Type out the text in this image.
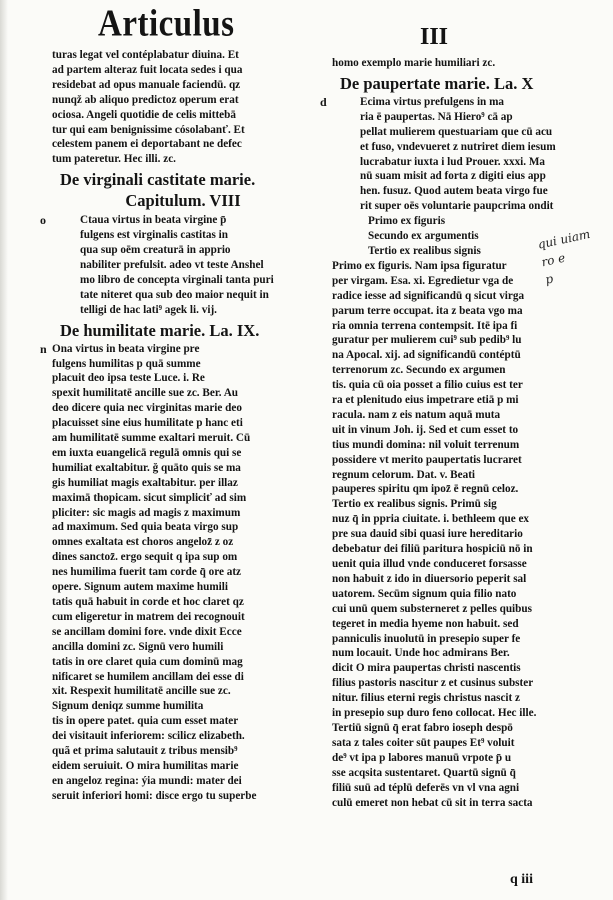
Articulus	III
turas legat vel contéplabatur diuina. Et
ad partem alteraz fuit locata sedes i qua
residebat ad opus manuale faciendū. qz
nunqž ab aliquo predictoz operum erat
ociosa. Angeli quotidie de celis mittebā
tur qui eam benignissime cósolabanť. Et
celestem panem ei deportabant ne defec
tum pateretur. Hec illi. zc.
De virginali castitate marie.
Capitulum. VIII
o	Ctaua virtus in beata virgine p̄
fulgens est virginalis castitas in
qua sup oēm creaturā in apprio
nabiliter prefulsit. adeo vt teste Anshel
mo libro de concepta virginali tanta puri
tate niteret qua sub deo maior nequit in
telligi de hac lati⁹ agek li. vij.
De humilitate marie. La. IX.
n Ona virtus in beata virgine pre
fulgens humilitas p quā summe
placuit deo ipsa teste Luce. i. Re
spexit humilitatē ancille sue zc. Ber. Au
deo dicere quia nec virginitas marie deo
placuisset sine eius humilitate p hanc eti
am humilitatē summe exaltari meruit. Cū
em iuxta euangelicā regulā omnis qui se
humiliat exaltabitur. ğ quāto quis se ma
gis humiliat magis exaltabitur. per illaz
maximā thopicam. sicut simpliciť ad sim
pliciter: sic magis ad magis z maximum
ad maximum. Sed quia beata virgo sup
omnes exaltata est choros angeloz̄ z oz
dines sanctoz̄. ergo sequit q ipa sup om
nes humilima fuerit tam corde q̄ ore atz
opere. Signum autem maxime humili
tatis quā habuit in corde et hoc claret qz
cum eligeretur in matrem dei recognouit
se ancillam domini fore. vnde dixit Ecce
ancilla domini zc. Signū vero humili
tatis in ore claret quia cum dominū mag
nificaret se humilem ancillam dei esse di
xit. Respexit humilitatē ancille sue zc.
Signum deniqz summe humilita
tis in opere patet. quia cum esset mater
dei visitauit inferiorem: scilicz elizabeth.
quã et prima salutauit z tribus mensib⁹
eidem seruiuit. O mira humilitas marie
en angeloz regina: ýia mundi: mater dei
seruit inferiori homi: disce ergo tu superbe
homo exemplo marie humiliari zc.
De paupertate marie. La. X
d	Ecima virtus prefulgens in ma
ria ē paupertas. Nā Hiero⁹ cā ap
pellat mulierem questuariam que cū acu
et fuso, vndevueret z nutriret diem iesum
lucrabatur iuxta i lud Prouer. xxxi. Ma
nū suam misit ad forta z digiti eius app
hen. fusuz. Quod autem beata virgo fue
rit super oēs voluntarie paupcrima ondit
Primo ex figuris
Secundo ex argumentis
Tertio ex realibus signis
Primo ex figuris. Nam ipsa figuratur
per virgam. Esa. xi. Egredietur vga de
radice iesse ad significandū q sicut virga
parum terre occupat. ita z beata vgo ma
ria omnia terrena contempsit. Itē ipa fi
guratur per mulierem cui⁹ sub pedib⁹ lu
na Apocal. xij. ad significandū contéptū
terrenorum zc. Secundo ex argumen
tis. quia cū oia posset a filio cuius est ter
ra et plenitudo eius impetrare etiā p mi
racula. nam z eis natum aquā muta
uit in vinum Joh. ij. Sed et cum esset to
tius mundi domina: nil voluit terrenum
possidere vt merito paupertatis lucraret
regnum celorum. Dat. v. Beati
pauperes spiritu qm ipoz̄ ē regnū celoz.
Tertio ex realibus signis. Primū sig
nuz q̄ in ppria ciuitate. i. bethleem que ex
pre sua dauid sibi quasi iure hereditario
debebatur dei filiū paritura hospiciū nō in
uenit quia illud vnde conduceret forsasse
non habuit z ido in diuersorio peperit sal
uatorem. Secūm signum quia filio nato
cui unū quem substerneret z pelles quibus
tegeret in media hyeme non habuit. sed
panniculis inuolutū in presepio super fe
num locauit. Unde hoc admirans Ber.
dicit O mira paupertas christi nascentis
filius pastoris nascitur z et cusinus subster
nitur. filius eterni regis christus nascit z
in presepio sup duro feno collocat. Hec ille.
Tertiū signū q̄ erat fabro ioseph despō
sata z tales coiter sūt paupes Et⁹ voluit
de⁹ vt ipa p labores manuū vrpote p̄ u
sse acqsita sustentaret. Quartū signū q̄
filiū suū ad téplū deferēs vn vl vna agni
culū emeret non hebat cū sit in terra sacta
qui uiam
ro e
p
q iii
